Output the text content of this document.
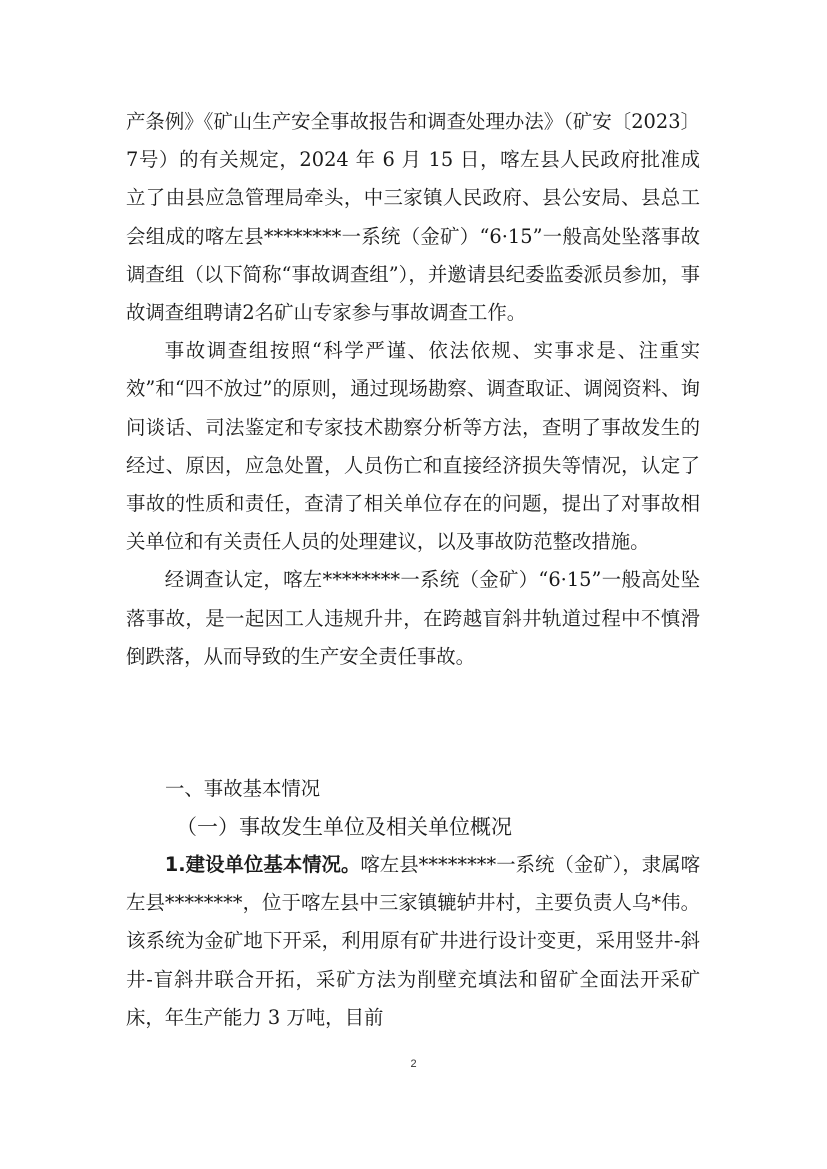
产条例》《矿山生产安全事故报告和调查处理办法》（矿安〔2023〕7号）的有关规定，2024 年 6 月 15 日，喀左县人民政府批准成立了由县应急管理局牵头，中三家镇人民政府、县公安局、县总工会组成的喀左县********一系统（金矿）“6·15”一般高处坠落事故调查组（以下简称“事故调查组”），并邀请县纪委监委派员参加，事故调查组聘请2名矿山专家参与事故调查工作。

事故调查组按照“科学严谨、依法依规、实事求是、注重实效”和“四不放过”的原则，通过现场勘察、调查取证、调阅资料、询问谈话、司法鉴定和专家技术勘察分析等方法，查明了事故发生的经过、原因，应急处置，人员伤亡和直接经济损失等情况，认定了事故的性质和责任，查清了相关单位存在的问题，提出了对事故相关单位和有关责任人员的处理建议，以及事故防范整改措施。

经调查认定，喀左********一系统（金矿）“6·15”一般高处坠落事故，是一起因工人违规升井，在跨越盲斜井轨道过程中不慎滑倒跌落，从而导致的生产安全责任事故。

一、事故基本情况
（一）事故发生单位及相关单位概况

1.建设单位基本情况。喀左县********一系统（金矿），隶属喀左县********，位于喀左县中三家镇辘轳井村，主要负责人乌*伟。该系统为金矿地下开采，利用原有矿井进行设计变更，采用竖井-斜井-盲斜井联合开拓，采矿方法为削壁充填法和留矿全面法开采矿床，年生产能力 3 万吨，目前

2
